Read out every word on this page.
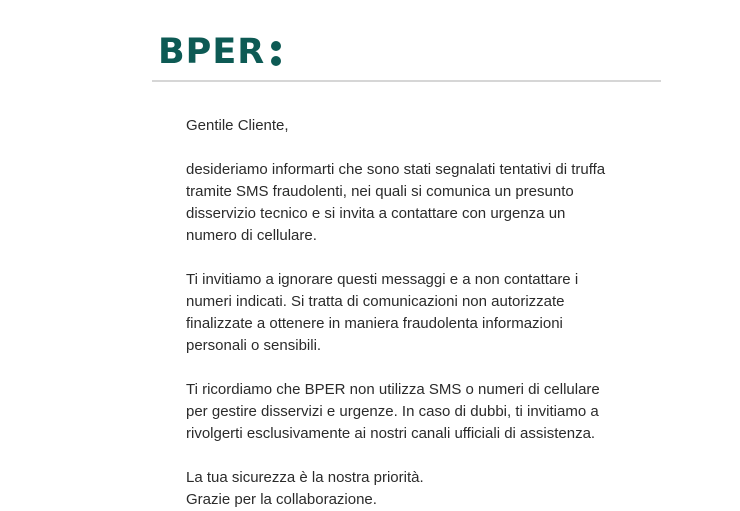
BPER

Gentile Cliente,

desideriamo informarti che sono stati segnalati tentativi di truffa
tramite SMS fraudolenti, nei quali si comunica un presunto
disservizio tecnico e si invita a contattare con urgenza un
numero di cellulare.

Ti invitiamo a ignorare questi messaggi e a non contattare i
numeri indicati. Si tratta di comunicazioni non autorizzate
finalizzate a ottenere in maniera fraudolenta informazioni
personali o sensibili.

Ti ricordiamo che BPER non utilizza SMS o numeri di cellulare
per gestire disservizi e urgenze. In caso di dubbi, ti invitiamo a
rivolgerti esclusivamente ai nostri canali ufficiali di assistenza.

La tua sicurezza è la nostra priorità.
Grazie per la collaborazione.
